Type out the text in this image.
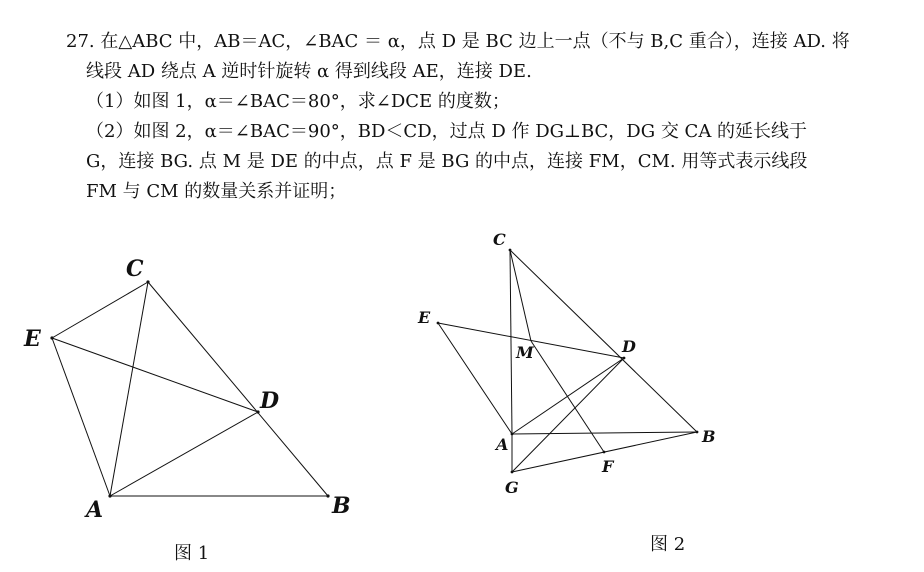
27. 在△ABC 中，AB＝AC，∠BAC ＝ α，点 D 是 BC 边上一点（不与 B,C 重合），连接 AD. 将
线段 AD 绕点 A 逆时针旋转 α 得到线段 AE，连接 DE.
（1）如图 1，α＝∠BAC＝80°，求∠DCE 的度数；
（2）如图 2，α＝∠BAC＝90°，BD＜CD，过点 D 作 DG⊥BC，DG 交 CA 的延长线于
G，连接 BG. 点 M 是 DE 的中点，点 F 是 BG 的中点，连接 FM，CM. 用等式表示线段
FM 与 CM 的数量关系并证明；
C
E
D
A	B
图 1
C
E
M	D
A	B
F
G
图 2
